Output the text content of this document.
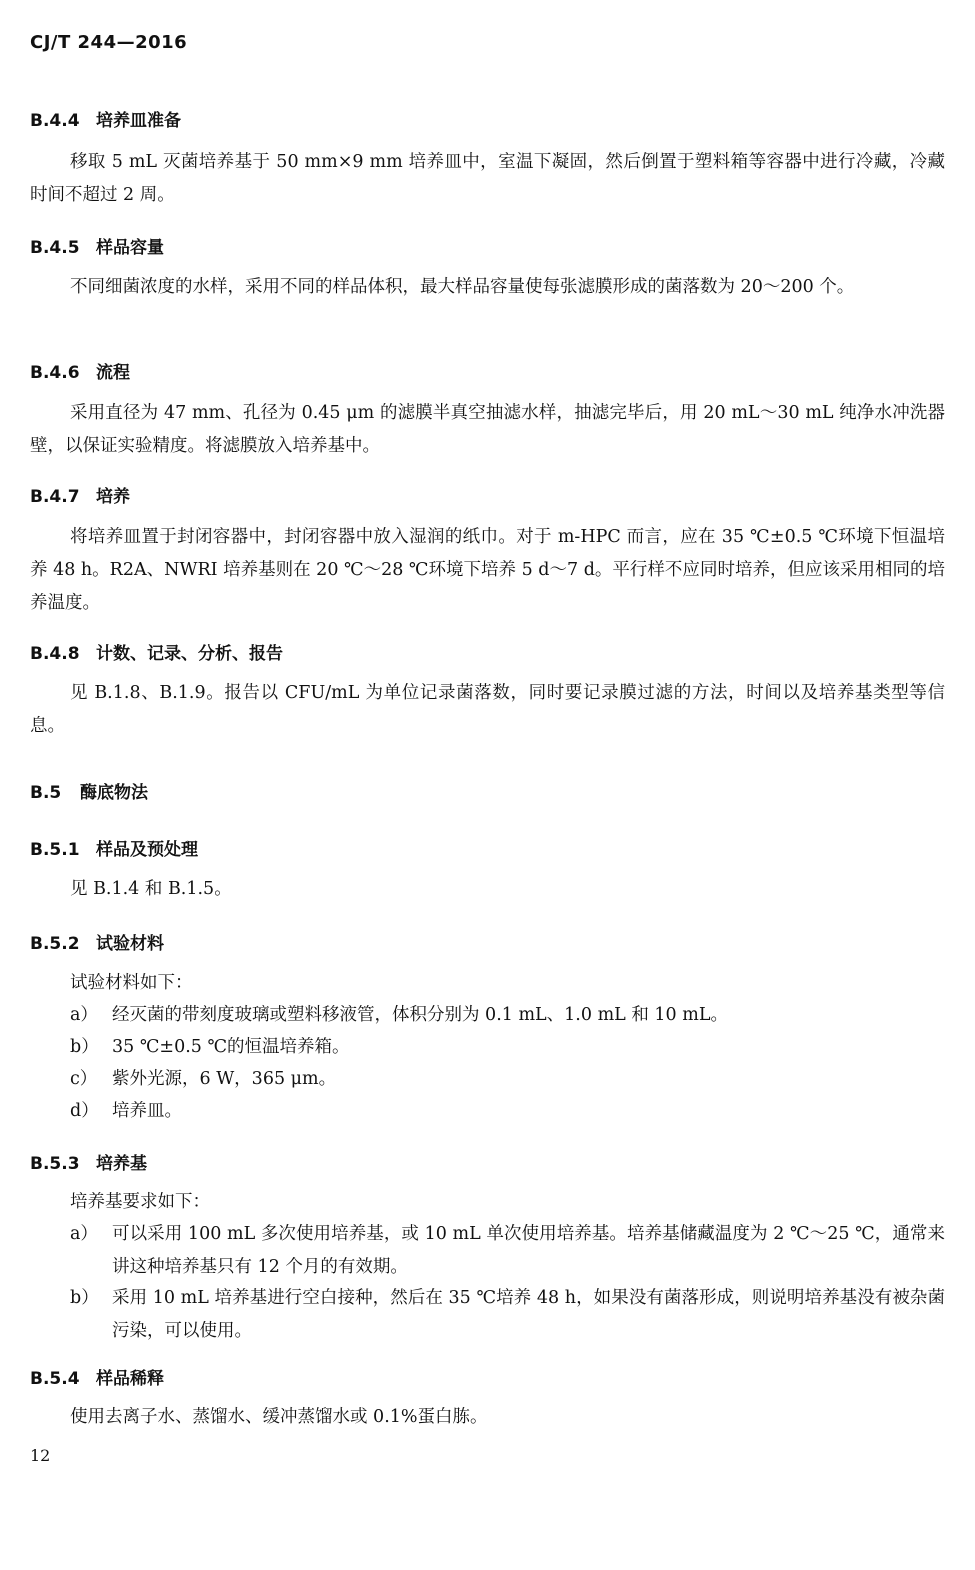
CJ/T 244—2016
B.4.4 培养皿准备

移取 5 mL 灭菌培养基于 50 mm×9 mm 培养皿中，室温下凝固，然后倒置于塑料箱等容器中进行冷藏，冷藏时间不超过 2 周。

B.4.5 样品容量

不同细菌浓度的水样，采用不同的样品体积，最大样品容量使每张滤膜形成的菌落数为 20～200 个。

B.4.6 流程

采用直径为 47 mm、孔径为 0.45 μm 的滤膜半真空抽滤水样，抽滤完毕后，用 20 mL～30 mL 纯净水冲洗器壁，以保证实验精度。将滤膜放入培养基中。

B.4.7 培养

将培养皿置于封闭容器中，封闭容器中放入湿润的纸巾。对于 m-HPC 而言，应在 35 ℃±0.5 ℃环境下恒温培养 48 h。R2A、NWRI 培养基则在 20 ℃～28 ℃环境下培养 5 d～7 d。平行样不应同时培养，但应该采用相同的培养温度。

B.4.8 计数、记录、分析、报告

见 B.1.8、B.1.9。报告以 CFU/mL 为单位记录菌落数，同时要记录膜过滤的方法，时间以及培养基类型等信息。

B.5 酶底物法
B.5.1 样品及预处理

见 B.1.4 和 B.1.5。

B.5.2 试验材料
试验材料如下：
a） 经灭菌的带刻度玻璃或塑料移液管，体积分别为 0.1 mL、1.0 mL 和 10 mL。
b） 35 ℃±0.5 ℃的恒温培养箱。
c） 紫外光源，6 W，365 μm。
d） 培养皿。
B.5.3 培养基
培养基要求如下：
a） 可以采用 100 mL 多次使用培养基，或 10 mL 单次使用培养基。培养基储藏温度为 2 ℃～25 ℃，通常来讲这种培养基只有 12 个月的有效期。
b） 采用 10 mL 培养基进行空白接种，然后在 35 ℃培养 48 h，如果没有菌落形成，则说明培养基没有被杂菌污染，可以使用。
B.5.4 样品稀释

使用去离子水、蒸馏水、缓冲蒸馏水或 0.1%蛋白胨。

12
